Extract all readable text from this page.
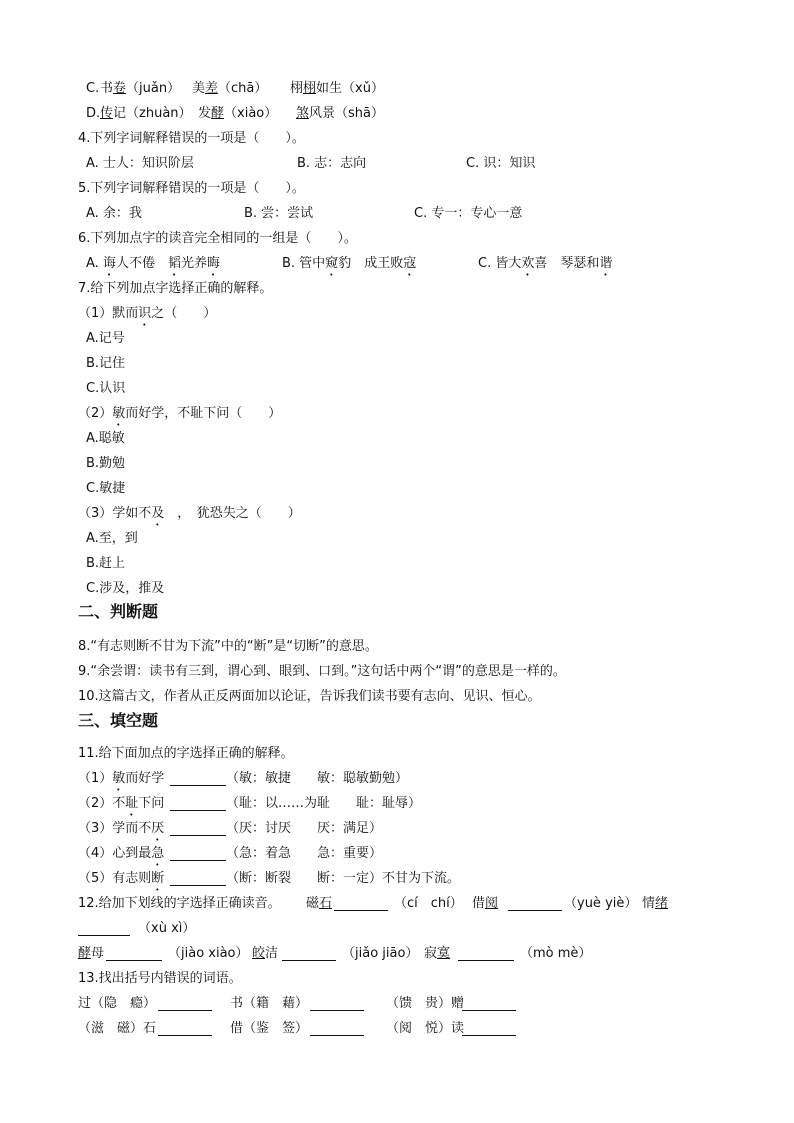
C. 书卷（juǎn） 美差（chā） 栩栩如生（xǔ）
D. 传记（zhuàn） 发酵（xiào） 煞风景（shā）
4.下列字词解释错误的一项是（　　）。
A. 士人：知识阶层	B. 志：志向	C. 识：知识
5.下列字词解释错误的一项是（　　）。
A. 余：我	B. 尝：尝试	C. 专一：专心一意
6.下列加点字的读音完全相同的一组是（　　）。
A. 诲人不倦　韬光养晦	B. 管中窥豹　成王败寇	C. 皆大欢喜　琴瑟和谐
7.给下列加点字选择正确的解释。
（1）默而识之（　　）
A.记号
B.记住
C.认识
（2）敏而好学，不耻下问（　　）
A.聪敏
B.勤勉
C.敏捷
（3）学如不及　，　犹恐失之（　　）
A.至，到
B.赶上
C.涉及，推及
二、判断题
8.“有志则断不甘为下流”中的“断”是“切断”的意思。
9.“余尝谓：读书有三到，谓心到、眼到、口到。”这句话中两个“谓”的意思是一样的。
10.这篇古文，作者从正反两面加以论证，告诉我们读书要有志向、见识、恒心。
三、填空题
11.给下面加点的字选择正确的解释。
（1）敏而好学	（敏：敏捷　　敏：聪敏勤勉）
（2）不耻下问	（耻：以……为耻　　耻：耻辱）
（3）学而不厌	（厌：讨厌　　厌：满足）
（4）心到最急	（急：着急　　急：重要）
（5）有志则断	（断：断裂　　断：一定）不甘为下流。
12.给加下划线的字选择正确读音。 磁石	（cí　chí） 借阅	（yuè yiè） 情绪
（xù xì）
酵母	（jiào xiào） 皎洁	（jiǎo jiāo） 寂寞	（mò mè）
13.找出括号内错误的词语。
过（隐　瘾）	书（籍　藉）	（馈　贵）赠
（滋　磁）石	借（鉴　签）	（阅　悦）读
